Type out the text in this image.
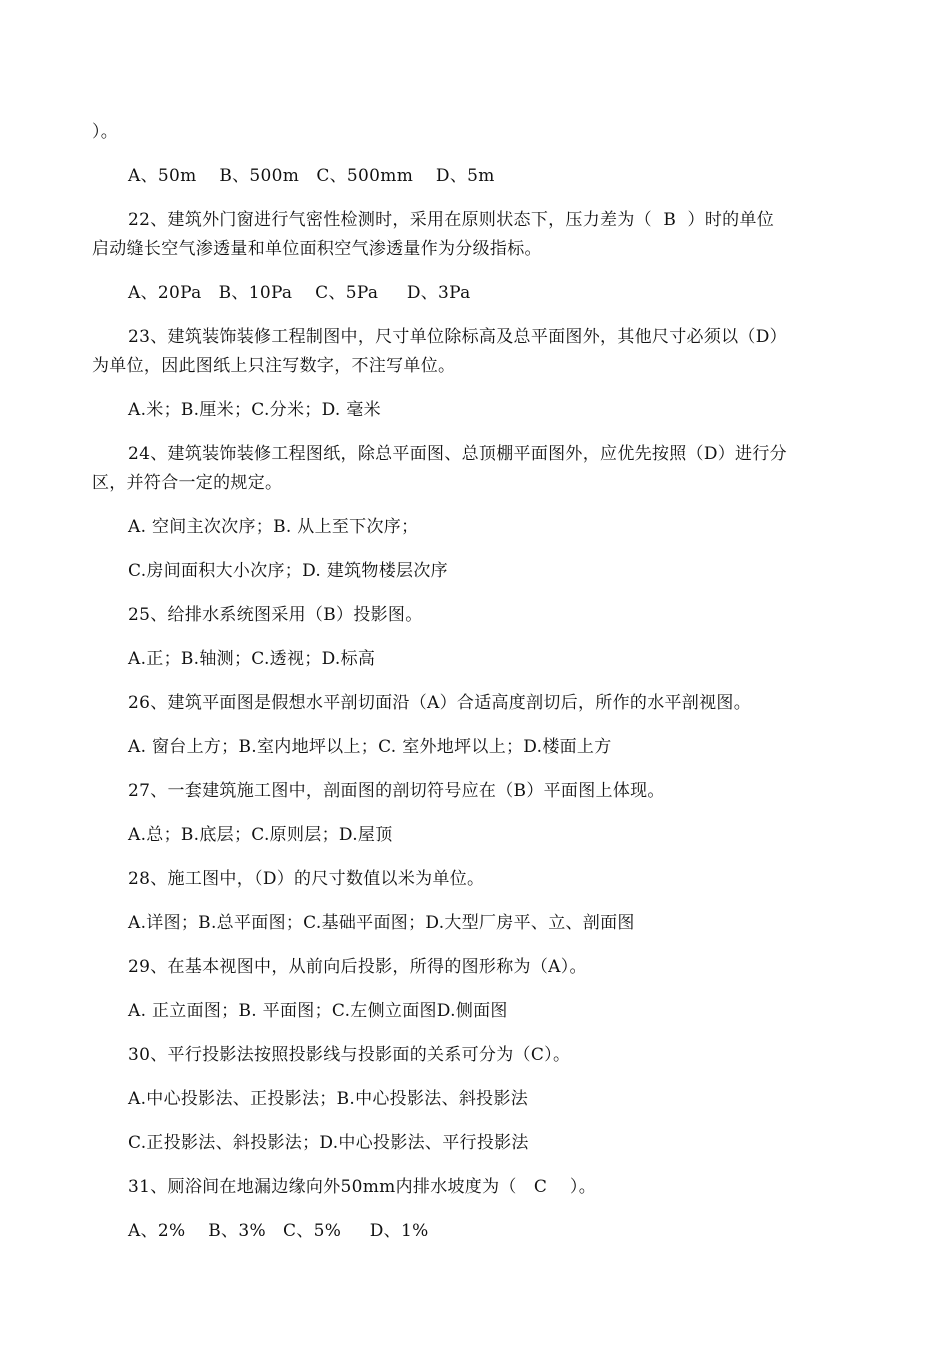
）。
A、50m    B、500m   C、500mm    D、5m
22、建筑外门窗进行气密性检测时，采用在原则状态下，压力差为（  B  ）时的单位
启动缝长空气渗透量和单位面积空气渗透量作为分级指标。
A、20Pa   B、10Pa    C、5Pa     D、3Pa
23、建筑装饰装修工程制图中，尺寸单位除标高及总平面图外，其他尺寸必须以（D）
为单位，因此图纸上只注写数字，不注写单位。
A.米；B.厘米；C.分米；D. 毫米
24、建筑装饰装修工程图纸，除总平面图、总顶棚平面图外，应优先按照（D）进行分
区，并符合一定的规定。
A. 空间主次次序；B. 从上至下次序；
C.房间面积大小次序；D. 建筑物楼层次序
25、给排水系统图采用（B）投影图。
A.正；B.轴测；C.透视；D.标高
26、建筑平面图是假想水平剖切面沿（A）合适高度剖切后，所作的水平剖视图。
A. 窗台上方；B.室内地坪以上；C. 室外地坪以上；D.楼面上方
27、一套建筑施工图中，剖面图的剖切符号应在（B）平面图上体现。
A.总；B.底层；C.原则层；D.屋顶
28、施工图中，（D）的尺寸数值以米为单位。
A.详图；B.总平面图；C.基础平面图；D.大型厂房平、立、剖面图
29、在基本视图中，从前向后投影，所得的图形称为（A）。
A. 正立面图；B. 平面图；C.左侧立面图D.侧面图
30、平行投影法按照投影线与投影面的关系可分为（C）。
A.中心投影法、正投影法；B.中心投影法、斜投影法
C.正投影法、斜投影法；D.中心投影法、平行投影法
31、厕浴间在地漏边缘向外50mm内排水坡度为（   C    ）。
A、2%    B、3%   C、5%     D、1%
